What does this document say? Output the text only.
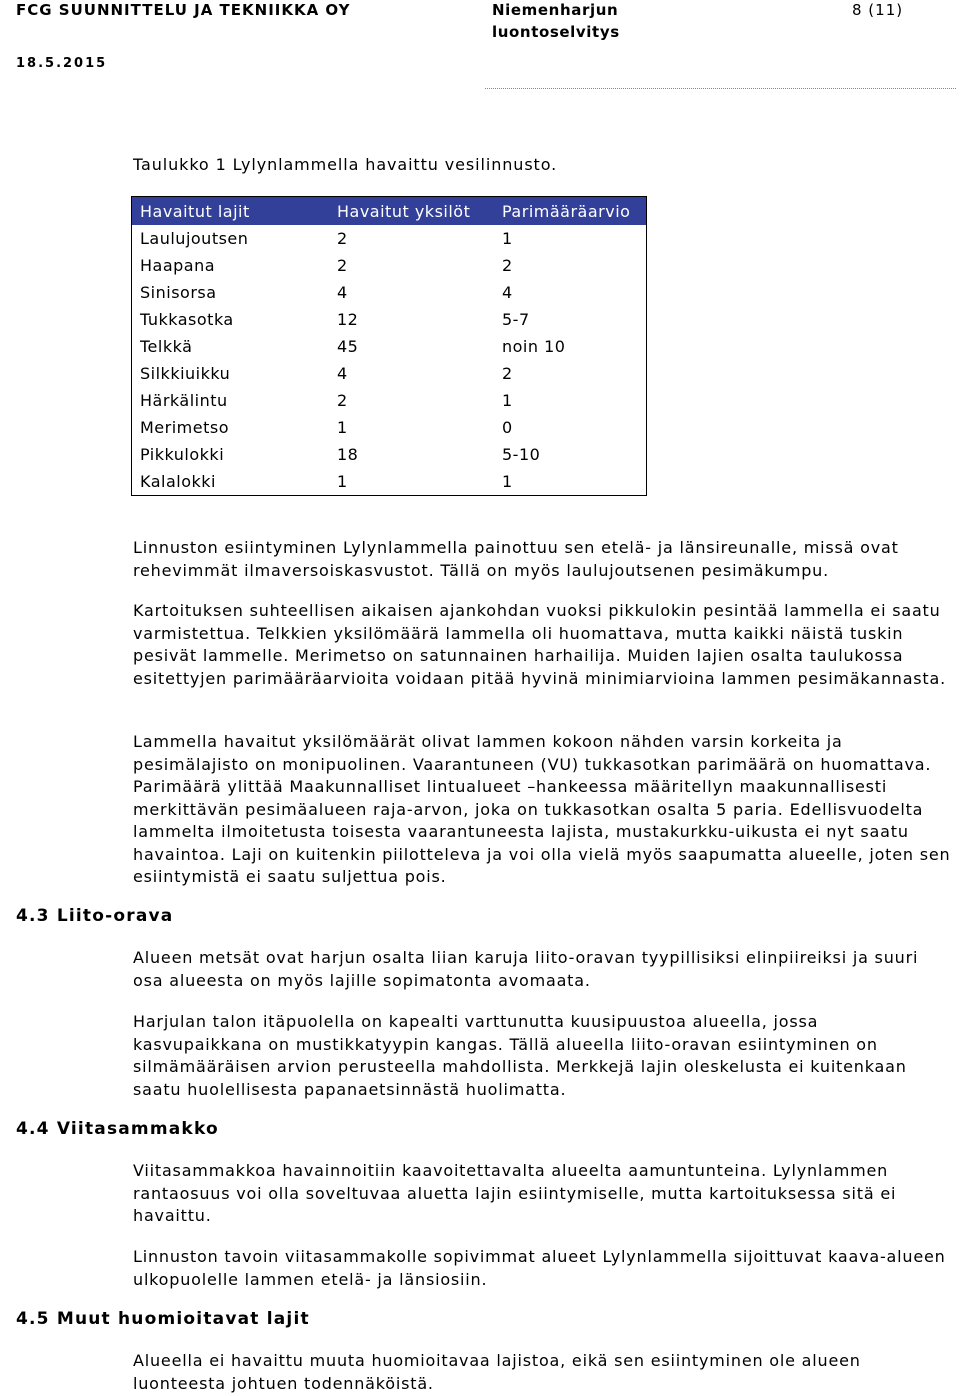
FCG SUUNNITTELU JA TEKNIIKKA OY
18.5.2015
Niemenharjun
luontoselvitys
8 (11)
Taulukko 1 Lylynlammella havaittu vesilinnusto.
Havaitut lajit	Havaitut yksilöt	Parimääräarvio
Laulujoutsen	2	1
Haapana	2	2
Sinisorsa	4	4
Tukkasotka	12	5-7
Telkkä	45	noin 10
Silkkiuikku	4	2
Härkälintu	2	1
Merimetso	1	0
Pikkulokki	18	5-10
Kalalokki	1	1

Linnuston esiintyminen Lylynlammella painottuu sen etelä- ja länsireunalle, missä ovat rehevimmät ilmaversoiskasvustot. Tällä on myös laulujoutsenen pesimäkumpu.

Kartoituksen suhteellisen aikaisen ajankohdan vuoksi pikkulokin pesintää lammella ei saatu varmistettua. Telkkien yksilömäärä lammella oli huomattava, mutta kaikki näistä tuskin pesivät lammelle. Merimetso on satunnainen harhailija. Muiden lajien osalta taulukossa esitettyjen parimääräarvioita voidaan pitää hyvinä minimiarvioina lammen pesimäkannasta.

Lammella havaitut yksilömäärät olivat lammen kokoon nähden varsin korkeita ja pesimälajisto on monipuolinen. Vaarantuneen (VU) tukkasotkan parimäärä on huomattava. Parimäärä ylittää Maakunnalliset lintualueet –hankeessa määritellyn maakunnallisesti merkittävän pesimäalueen raja-arvon, joka on tukkasotkan osalta 5 paria. Edellisvuodelta lammelta ilmoitetusta toisesta vaarantuneesta lajista, mustakurkku-uikusta ei nyt saatu havaintoa. Laji on kuitenkin piilotteleva ja voi olla vielä myös saapumatta alueelle, joten sen esiintymistä ei saatu suljettua pois.

4.3 Liito-orava

Alueen metsät ovat harjun osalta liian karuja liito-oravan tyypillisiksi elinpiireiksi ja suuri osa alueesta on myös lajille sopimatonta avomaata.

Harjulan talon itäpuolella on kapealti varttunutta kuusipuustoa alueella, jossa kasvupaikkana on mustikkatyypin kangas. Tällä alueella liito-oravan esiintyminen on silmämääräisen arvion perusteella mahdollista. Merkkejä lajin oleskelusta ei kuitenkaan saatu huolellisesta papanaetsinnästä huolimatta.

4.4 Viitasammakko

Viitasammakkoa havainnoitiin kaavoitettavalta alueelta aamuntunteina. Lylynlammen rantaosuus voi olla soveltuvaa aluetta lajin esiintymiselle, mutta kartoituksessa sitä ei havaittu.

Linnuston tavoin viitasammakolle sopivimmat alueet Lylynlammella sijoittuvat kaava-alueen ulkopuolelle lammen etelä- ja länsiosiin.

4.5 Muut huomioitavat lajit

Alueella ei havaittu muuta huomioitavaa lajistoa, eikä sen esiintyminen ole alueen luonteesta johtuen todennäköistä.
